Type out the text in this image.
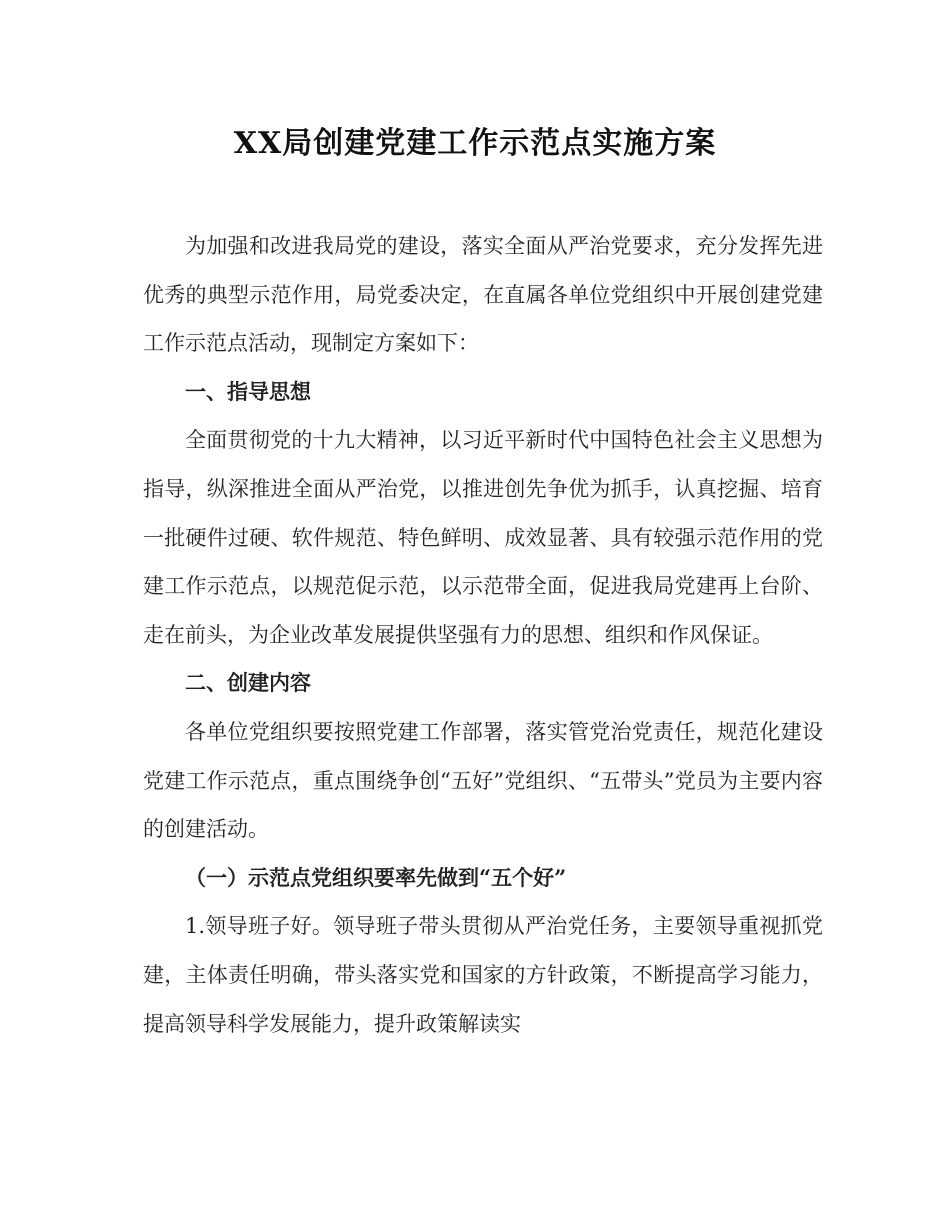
XX局创建党建工作示范点实施方案

为加强和改进我局党的建设，落实全面从严治党要求，充分发挥先进优秀的典型示范作用，局党委决定，在直属各单位党组织中开展创建党建工作示范点活动，现制定方案如下：

一、指导思想

全面贯彻党的十九大精神，以习近平新时代中国特色社会主义思想为指导，纵深推进全面从严治党，以推进创先争优为抓手，认真挖掘、培育一批硬件过硬、软件规范、特色鲜明、成效显著、具有较强示范作用的党建工作示范点，以规范促示范，以示范带全面，促进我局党建再上台阶、走在前头，为企业改革发展提供坚强有力的思想、组织和作风保证。

二、创建内容

各单位党组织要按照党建工作部署，落实管党治党责任，规范化建设党建工作示范点，重点围绕争创“五好”党组织、“五带头”党员为主要内容的创建活动。

（一）示范点党组织要率先做到“五个好”

1.领导班子好。领导班子带头贯彻从严治党任务，主要领导重视抓党建，主体责任明确，带头落实党和国家的方针政策，不断提高学习能力，提高领导科学发展能力，提升政策解读实
